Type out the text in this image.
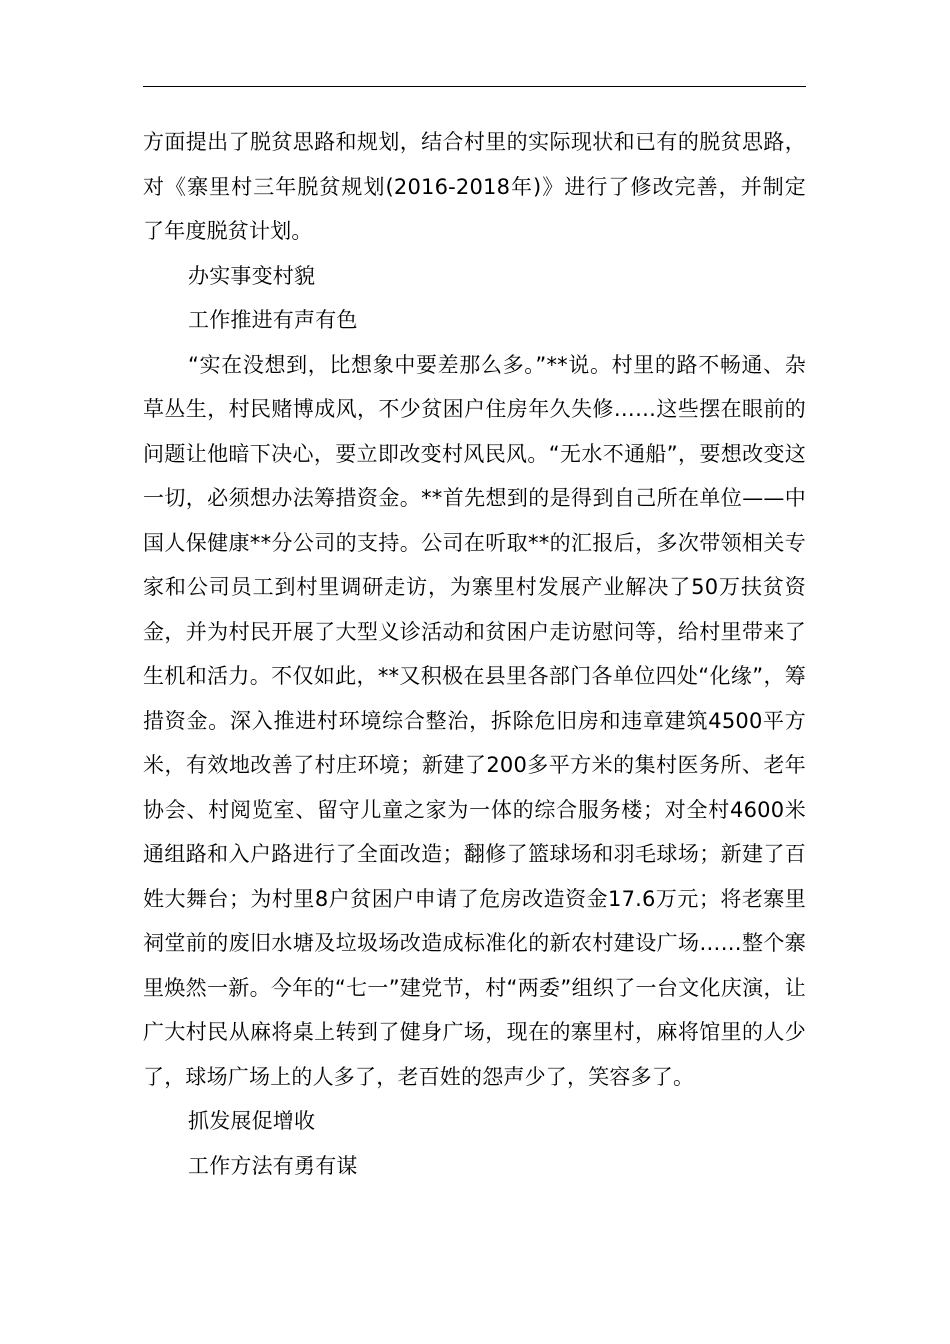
方面提出了脱贫思路和规划，结合村里的实际现状和已有的脱贫思路，对《寨里村三年脱贫规划(2016-2018年)》进行了修改完善，并制定了年度脱贫计划。

办实事变村貌

工作推进有声有色

“实在没想到，比想象中要差那么多。”**说。村里的路不畅通、杂草丛生，村民赌博成风，不少贫困户住房年久失修……这些摆在眼前的问题让他暗下决心，要立即改变村风民风。“无水不通船”，要想改变这一切，必须想办法筹措资金。**首先想到的是得到自己所在单位——中国人保健康**分公司的支持。公司在听取**的汇报后，多次带领相关专家和公司员工到村里调研走访，为寨里村发展产业解决了50万扶贫资金，并为村民开展了大型义诊活动和贫困户走访慰问等，给村里带来了生机和活力。不仅如此，**又积极在县里各部门各单位四处“化缘”，筹措资金。深入推进村环境综合整治，拆除危旧房和违章建筑4500平方米，有效地改善了村庄环境；新建了200多平方米的集村医务所、老年协会、村阅览室、留守儿童之家为一体的综合服务楼；对全村4600米通组路和入户路进行了全面改造；翻修了篮球场和羽毛球场；新建了百姓大舞台；为村里8户贫困户申请了危房改造资金17.6万元；将老寨里祠堂前的废旧水塘及垃圾场改造成标准化的新农村建设广场……整个寨里焕然一新。今年的“七一”建党节，村“两委”组织了一台文化庆演，让广大村民从麻将桌上转到了健身广场，现在的寨里村，麻将馆里的人少了，球场广场上的人多了，老百姓的怨声少了，笑容多了。

抓发展促增收

工作方法有勇有谋
